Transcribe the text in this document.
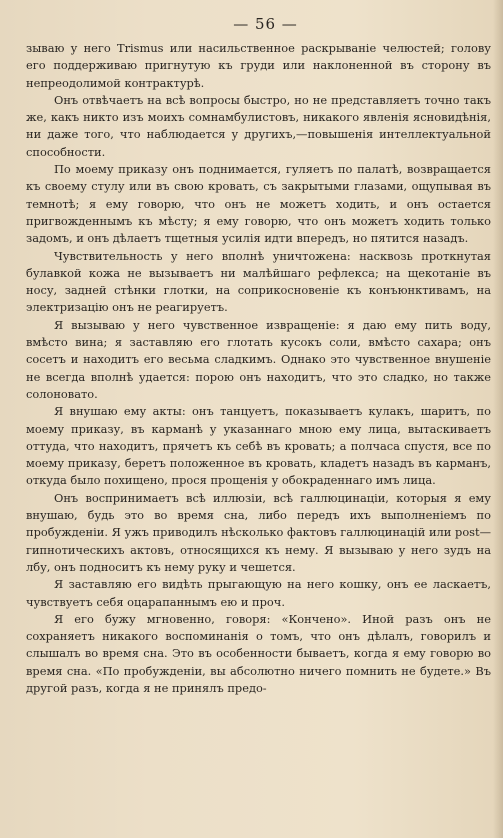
— 56 —

зываю у него Trismus или насильственное раскрываніе челюстей; голову его поддерживаю пригнутую къ груди или наклоненной въ сторону въ непреодолимой контрактурѣ.

Онъ отвѣчаетъ на всѣ вопросы быстро, но не представляетъ точно такъ же, какъ никто изъ моихъ сомнамбулистовъ, никакого явленія ясновидѣнія, ни даже того, что наблюдается у другихъ,—повышенія интеллектуальной способности.

По моему приказу онъ поднимается, гуляетъ по палатѣ, возвращается къ своему стулу или въ свою кровать, съ закрытыми глазами, ощупывая въ темнотѣ; я ему говорю, что онъ не можетъ ходить, и онъ остается пригвожденнымъ къ мѣсту; я ему говорю, что онъ можетъ ходить только задомъ, и онъ дѣлаетъ тщетныя усилія идти впередъ, но пятится назадъ.

Чувствительность у него вполнѣ уничтожена: насквозь проткнутая булавкой кожа не вызываетъ ни малѣйшаго рефлекса; на щекотаніе въ носу, задней стѣнки глотки, на соприкосновеніе къ конъюнктивамъ, на электризацію онъ не реагируетъ.

Я вызываю у него чувственное извращеніе: я даю ему пить воду, вмѣсто вина; я заставляю его глотать кусокъ соли, вмѣсто сахара; онъ сосетъ и находитъ его весьма сладкимъ. Однако это чувственное внушеніе не всегда вполнѣ удается: порою онъ находитъ, что это сладко, но также солоновато.

Я внушаю ему акты: онъ танцуетъ, показываетъ кулакъ, шаритъ, по моему приказу, въ карманѣ у указаннаго мною ему лица, вытаскиваетъ оттуда, что находитъ, прячетъ къ себѣ въ кровать; а полчаса спустя, все по моему приказу, беретъ положенное въ кровать, кладетъ назадъ въ карманъ, откуда было похищено, прося прощенія у обокраденнаго имъ лица.

Онъ воспринимаетъ всѣ иллюзіи, всѣ галлюцинаціи, которыя я ему внушаю, будь это во время сна, либо передъ ихъ выполненіемъ по пробужденіи. Я ужъ приводилъ нѣсколько фактовъ галлюцинацій или post—гипнотическихъ актовъ, относящихся къ нему. Я вызываю у него зудъ на лбу, онъ подноситъ къ нему руку и чешется.

Я заставляю его видѣть прыгающую на него кошку, онъ ее ласкаетъ, чувствуетъ себя оцарапаннымъ ею и проч.

Я его бужу мгновенно, говоря: «Кончено». Иной разъ онъ не сохраняетъ никакого воспоминанія о томъ, что онъ дѣлалъ, говорилъ и слышалъ во время сна. Это въ особенности бываетъ, когда я ему говорю во время сна. «По пробужденіи, вы абсолютно ничего помнить не будете.» Въ другой разъ, когда я не принялъ предо-
